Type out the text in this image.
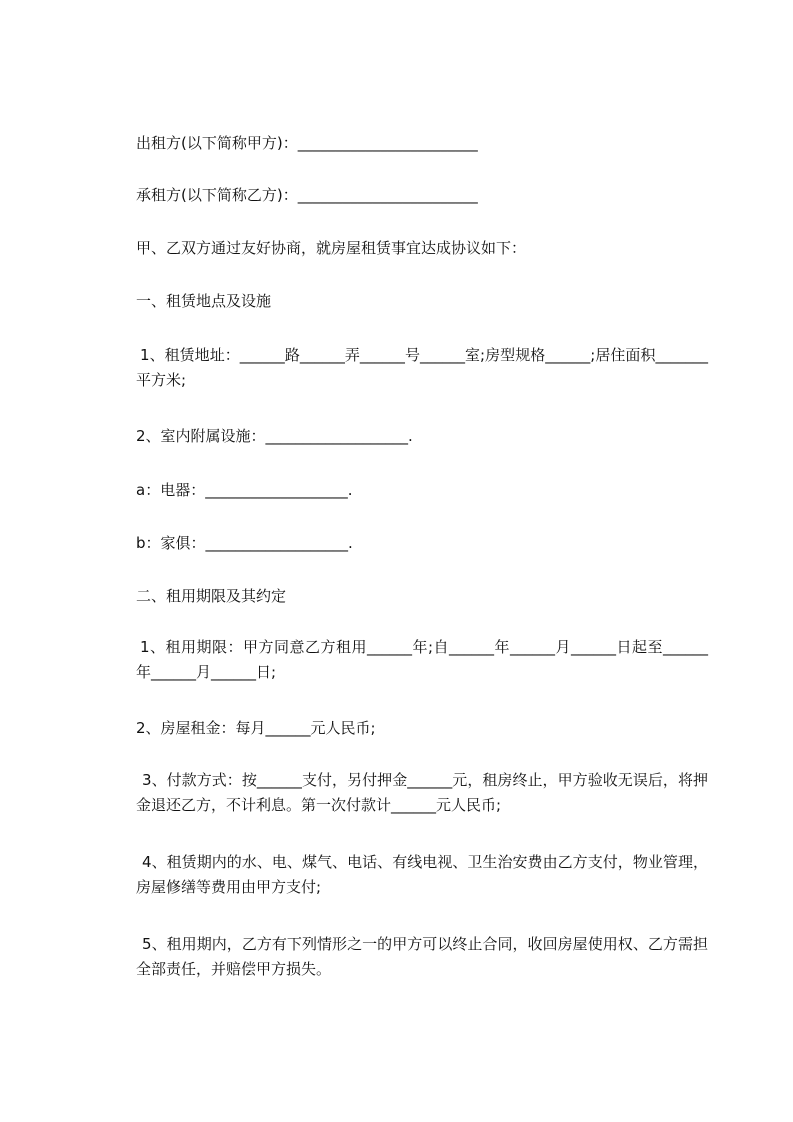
出租方(以下简称甲方)：________________________
承租方(以下简称乙方)：________________________
甲、乙双方通过友好协商，就房屋租赁事宜达成协议如下：
一、租赁地点及设施
1、租赁地址：______路______弄______号______室;房型规格______;居住面积_______平方米;
2、室内附属设施：___________________.
a：电器：___________________.
b：家俱：___________________.
二、租用期限及其约定
1、租用期限：甲方同意乙方租用______年;自______年______月______日起至______年______月______日;
2、房屋租金：每月______元人民币;
3、付款方式：按______支付，另付押金______元，租房终止，甲方验收无误后，将押金退还乙方，不计利息。第一次付款计______元人民币;
4、租赁期内的水、电、煤气、电话、有线电视、卫生治安费由乙方支付，物业管理，房屋修缮等费用由甲方支付;
5、租用期内，乙方有下列情形之一的甲方可以终止合同，收回房屋使用权、乙方需担全部责任，并赔偿甲方损失。
